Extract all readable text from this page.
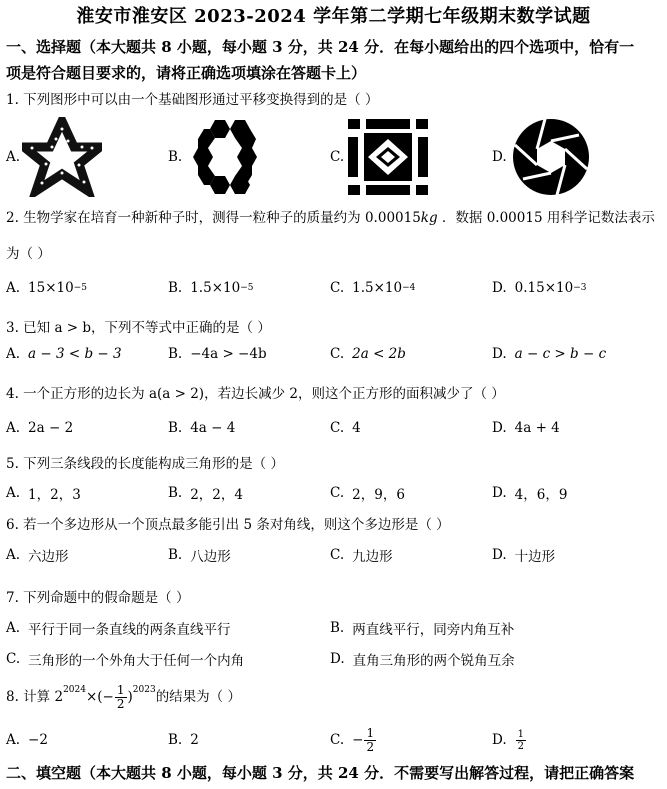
淮安市淮安区 2023-2024 学年第二学期七年级期末数学试题
一、选择题（本大题共 8 小题，每小题 3 分，共 24 分．在每小题给出的四个选项中，恰有一
项是符合题目要求的，请将正确选项填涂在答题卡上）
1. 下列图形中可以由一个基础图形通过平移变换得到的是（ ）
A.	B.	C.	D.
2. 生物学家在培育一种新种子时，测得一粒种子的质量约为 0.00015kg ．数据 0.00015 用科学记数法表示
为（ ）
A. 15×10 −5	B. 1.5×10 −5	C. 1.5×10 −4	D. 0.15×10 −3
3. 已知 a > b，下列不等式中正确的是（ ）
A. a − 3 < b − 3	B. −4a > −4b	C. 2a < 2b	D. a − c > b − c
4. 一个正方形的边长为 a(a > 2)，若边长减少 2，则这个正方形的面积减少了（ ）
A. 2a − 2	B. 4a − 4	C. 4	D. 4a + 4
5. 下列三条线段的长度能构成三角形的是（ ）
A. 1，2，3	B. 2，2，4	C. 2，9，6	D. 4，6，9
6. 若一个多边形从一个顶点最多能引出 5 条对角线，则这个多边形是（ ）
A. 六边形	B. 八边形	C. 九边形	D. 十边形
7. 下列命题中的假命题是（ ）
A. 平行于同一条直线的两条直线平行	B. 两直线平行，同旁内角互补
C. 三角形的一个外角大于任何一个内角	D. 直角三角形的两个锐角互余
8. 计算 $2^{2024}$ ×(− $\frac{1}{2} )^{2023}$ 的结果为（ ）
A. −2	B. 2	C. − $\frac{1}{2}$	D. $\frac{1}{2}$
二、填空题（本大题共 8 小题，每小题 3 分，共 24 分．不需要写出解答过程，请把正确答案
